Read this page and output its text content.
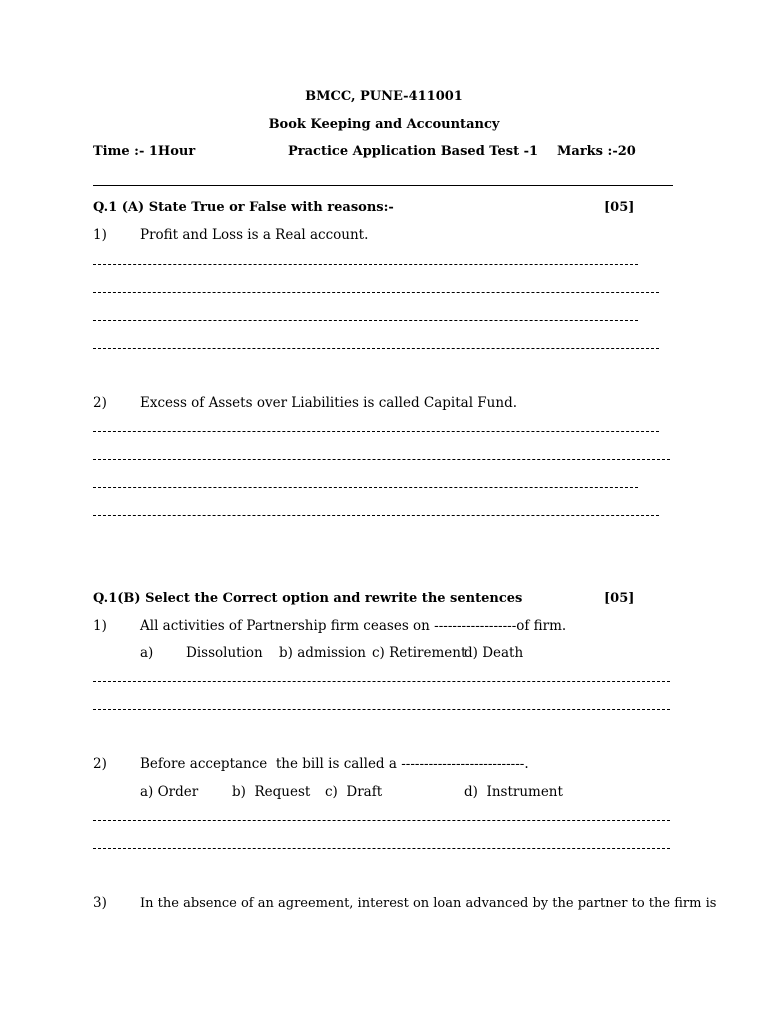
BMCC, PUNE-411001
Book Keeping and Accountancy
Time :- 1Hour	Practice Application Based Test -1 Marks :-20
Q.1 (A) State True or False with reasons:-	[05]
1) Profit and Loss is a Real account.
2) Excess of Assets over Liabilities is called Capital Fund.
Q.1(B) Select the Correct option and rewrite the sentences	[05]
1) All activities of Partnership firm ceases on ------------------of firm.
a) Dissolution b) admission c) Retirement
d) Death
2) Before acceptance  the bill is called a ---------------------------.
a) Order	b)  Request c)  Draft	d)  Instrument
3)	In the absence of an agreement, interest on loan advanced by the partner to the firm is
